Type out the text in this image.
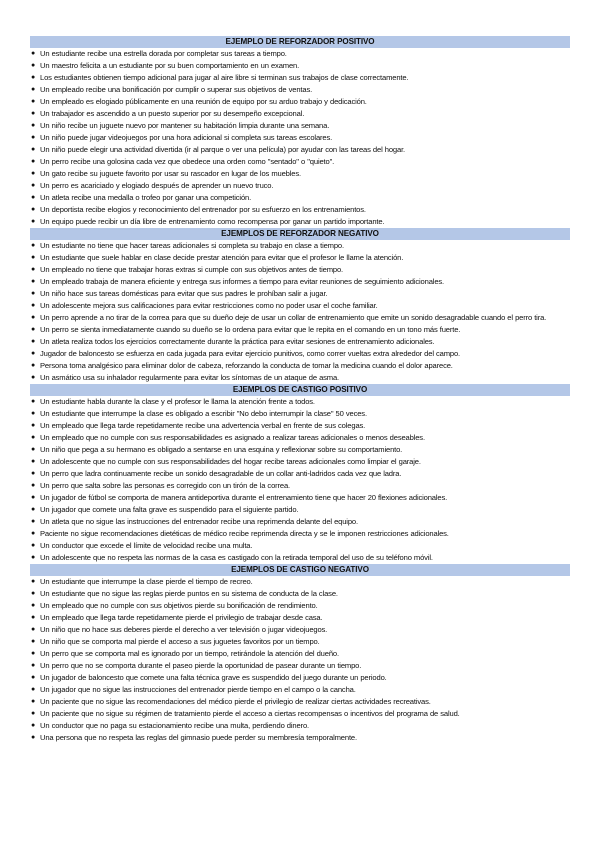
EJEMPLO DE REFORZADOR POSITIVO
● Un estudiante recibe una estrella dorada por completar sus tareas a tiempo.
● Un maestro felicita a un estudiante por su buen comportamiento en un examen.
● Los estudiantes obtienen tiempo adicional para jugar al aire libre si terminan sus trabajos de clase correctamente.
● Un empleado recibe una bonificación por cumplir o superar sus objetivos de ventas.
● Un empleado es elogiado públicamente en una reunión de equipo por su arduo trabajo y dedicación.
● Un trabajador es ascendido a un puesto superior por su desempeño excepcional.
● Un niño recibe un juguete nuevo por mantener su habitación limpia durante una semana.
● Un niño puede jugar videojuegos por una hora adicional si completa sus tareas escolares.
● Un niño puede elegir una actividad divertida (ir al parque o ver una película) por ayudar con las tareas del hogar.
● Un perro recibe una golosina cada vez que obedece una orden como "sentado" o "quieto".
● Un gato recibe su juguete favorito por usar su rascador en lugar de los muebles.
● Un perro es acariciado y elogiado después de aprender un nuevo truco.
● Un atleta recibe una medalla o trofeo por ganar una competición.
● Un deportista recibe elogios y reconocimiento del entrenador por su esfuerzo en los entrenamientos.
● Un equipo puede recibir un día libre de entrenamiento como recompensa por ganar un partido importante.
EJEMPLOS DE REFORZADOR NEGATIVO
● Un estudiante no tiene que hacer tareas adicionales si completa su trabajo en clase a tiempo.
● Un estudiante que suele hablar en clase decide prestar atención para evitar que el profesor le llame la atención.
● Un empleado no tiene que trabajar horas extras si cumple con sus objetivos antes de tiempo.
● Un empleado trabaja de manera eficiente y entrega sus informes a tiempo para evitar reuniones de seguimiento adicionales.
● Un niño hace sus tareas domésticas para evitar que sus padres le prohíban salir a jugar.
● Un adolescente mejora sus calificaciones para evitar restricciones como no poder usar el coche familiar.
● Un perro aprende a no tirar de la correa para que su dueño deje de usar un collar de entrenamiento que emite un sonido desagradable cuando el perro tira.
● Un perro se sienta inmediatamente cuando su dueño se lo ordena para evitar que le repita en el comando en un tono más fuerte.
● Un atleta realiza todos los ejercicios correctamente durante la práctica para evitar sesiones de entrenamiento adicionales.
● Jugador de baloncesto se esfuerza en cada jugada para evitar ejercicio punitivos, como correr vueltas extra alrededor del campo.
● Persona toma analgésico para eliminar dolor de cabeza, reforzando la conducta de tomar la medicina cuando el dolor aparece.
● Un asmático usa su inhalador regularmente para evitar los síntomas de un ataque de asma.
EJEMPLOS DE CASTIGO POSITIVO
● Un estudiante habla durante la clase y el profesor le llama la atención frente a todos.
● Un estudiante que interrumpe la clase es obligado a escribir "No debo interrumpir la clase" 50 veces.
● Un empleado que llega tarde repetidamente recibe una advertencia verbal en frente de sus colegas.
● Un empleado que no cumple con sus responsabilidades es asignado a realizar tareas adicionales o menos deseables.
● Un niño que pega a su hermano es obligado a sentarse en una esquina y reflexionar sobre su comportamiento.
● Un adolescente que no cumple con sus responsabilidades del hogar recibe tareas adicionales como limpiar el garaje.
● Un perro que ladra continuamente recibe un sonido desagradable de un collar anti-ladridos cada vez que ladra.
● Un perro que salta sobre las personas es corregido con un tirón de la correa.
● Un jugador de fútbol se comporta de manera antideportiva durante el entrenamiento tiene que hacer 20 flexiones adicionales.
● Un jugador que comete una falta grave es suspendido para el siguiente partido.
● Un atleta que no sigue las instrucciones del entrenador recibe una reprimenda delante del equipo.
● Paciente no sigue recomendaciones dietéticas de médico recibe reprimenda directa y se le imponen restricciones adicionales.
● Un conductor que excede el límite de velocidad recibe una multa.
● Un adolescente que no respeta las normas de la casa es castigado con la retirada temporal del uso de su teléfono móvil.
EJEMPLOS DE CASTIGO NEGATIVO
● Un estudiante que interrumpe la clase pierde el tiempo de recreo.
● Un estudiante que no sigue las reglas pierde puntos en su sistema de conducta de la clase.
● Un empleado que no cumple con sus objetivos pierde su bonificación de rendimiento.
● Un empleado que llega tarde repetidamente pierde el privilegio de trabajar desde casa.
● Un niño que no hace sus deberes pierde el derecho a ver televisión o jugar videojuegos.
● Un niño que se comporta mal pierde el acceso a sus juguetes favoritos por un tiempo.
● Un perro que se comporta mal es ignorado por un tiempo, retirándole la atención del dueño.
● Un perro que no se comporta durante el paseo pierde la oportunidad de pasear durante un tiempo.
● Un jugador de baloncesto que comete una falta técnica grave es suspendido del juego durante un periodo.
● Un jugador que no sigue las instrucciones del entrenador pierde tiempo en el campo o la cancha.
● Un paciente que no sigue las recomendaciones del médico pierde el privilegio de realizar ciertas actividades recreativas.
● Un paciente que no sigue su régimen de tratamiento pierde el acceso a ciertas recompensas o incentivos del programa de salud.
● Un conductor que no paga su estacionamiento recibe una multa, perdiendo dinero.
● Una persona que no respeta las reglas del gimnasio puede perder su membresía temporalmente.
